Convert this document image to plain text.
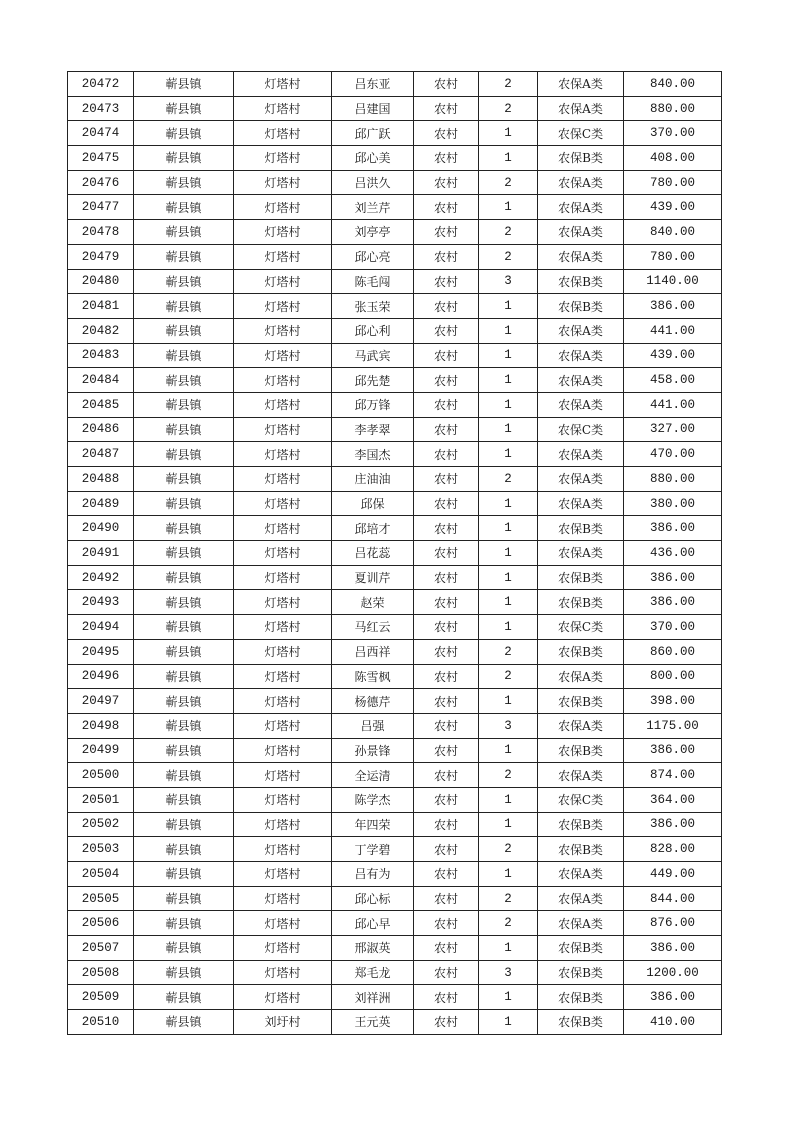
20472	蕲县镇	灯塔村	吕东亚	农村	2	农保A类	840.00
20473	蕲县镇	灯塔村	吕建国	农村	2	农保A类	880.00
20474	蕲县镇	灯塔村	邱广跃	农村	1	农保C类	370.00
20475	蕲县镇	灯塔村	邱心美	农村	1	农保B类	408.00
20476	蕲县镇	灯塔村	吕洪久	农村	2	农保A类	780.00
20477	蕲县镇	灯塔村	刘兰芹	农村	1	农保A类	439.00
20478	蕲县镇	灯塔村	刘亭亭	农村	2	农保A类	840.00
20479	蕲县镇	灯塔村	邱心亮	农村	2	农保A类	780.00
20480	蕲县镇	灯塔村	陈毛闯	农村	3	农保B类	1140.00
20481	蕲县镇	灯塔村	张玉荣	农村	1	农保B类	386.00
20482	蕲县镇	灯塔村	邱心利	农村	1	农保A类	441.00
20483	蕲县镇	灯塔村	马武宾	农村	1	农保A类	439.00
20484	蕲县镇	灯塔村	邱先楚	农村	1	农保A类	458.00
20485	蕲县镇	灯塔村	邱万锋	农村	1	农保A类	441.00
20486	蕲县镇	灯塔村	李孝翠	农村	1	农保C类	327.00
20487	蕲县镇	灯塔村	李国杰	农村	1	农保A类	470.00
20488	蕲县镇	灯塔村	庄油油	农村	2	农保A类	880.00
20489	蕲县镇	灯塔村	邱保	农村	1	农保A类	380.00
20490	蕲县镇	灯塔村	邱培才	农村	1	农保B类	386.00
20491	蕲县镇	灯塔村	吕花蕊	农村	1	农保A类	436.00
20492	蕲县镇	灯塔村	夏训芹	农村	1	农保B类	386.00
20493	蕲县镇	灯塔村	赵荣	农村	1	农保B类	386.00
20494	蕲县镇	灯塔村	马红云	农村	1	农保C类	370.00
20495	蕲县镇	灯塔村	吕西祥	农村	2	农保B类	860.00
20496	蕲县镇	灯塔村	陈雪枫	农村	2	农保A类	800.00
20497	蕲县镇	灯塔村	杨德芹	农村	1	农保B类	398.00
20498	蕲县镇	灯塔村	吕强	农村	3	农保A类	1175.00
20499	蕲县镇	灯塔村	孙景锋	农村	1	农保B类	386.00
20500	蕲县镇	灯塔村	全运清	农村	2	农保A类	874.00
20501	蕲县镇	灯塔村	陈学杰	农村	1	农保C类	364.00
20502	蕲县镇	灯塔村	年四荣	农村	1	农保B类	386.00
20503	蕲县镇	灯塔村	丁学碧	农村	2	农保B类	828.00
20504	蕲县镇	灯塔村	吕有为	农村	1	农保A类	449.00
20505	蕲县镇	灯塔村	邱心标	农村	2	农保A类	844.00
20506	蕲县镇	灯塔村	邱心早	农村	2	农保A类	876.00
20507	蕲县镇	灯塔村	邢淑英	农村	1	农保B类	386.00
20508	蕲县镇	灯塔村	郑毛龙	农村	3	农保B类	1200.00
20509	蕲县镇	灯塔村	刘祥洲	农村	1	农保B类	386.00
20510	蕲县镇	刘圩村	王元英	农村	1	农保B类	410.00
